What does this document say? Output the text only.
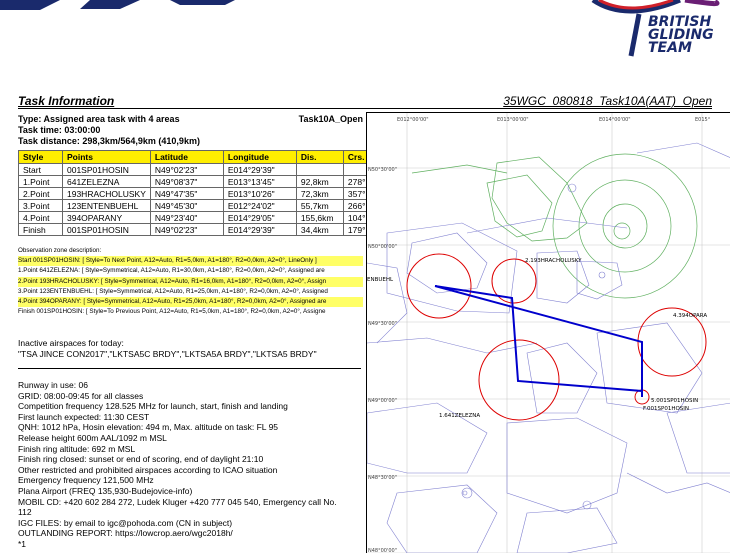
BRITISH
GLIDING
TEAM
Task Information	35WGC_080818_Task10A(AAT)_Open
Type: Assigned area task with 4 areas	Task10A_Open
Task time: 03:00:00
Task distance: 298,3km/564,9km (410,9km)
Style	Points	Latitude	Longitude	Dis.	Crs.
Start	001SP01HOSIN	N49°02'23"	E014°29'39"		
1.Point	641ZELEZNA	N49°08'37"	E013°13'45"	92,8km	278°
2.Point	193HRACHOLUSKY	N49°47'35"	E013°10'26"	72,3km	357°
3.Point	123ENTENBUEHL	N49°45'30"	E012°24'02"	55,7km	266°
4.Point	394OPARANY	N49°23'40"	E014°29'05"	155,6km	104°
Finish	001SP01HOSIN	N49°02'23"	E014°29'39"	34,4km	179°
Observation zone description:
Start 001SP01HOSIN: [ Style=To Next Point, A12=Auto, R1=5,0km, A1=180°, R2=0,0km, A2=0°, LineOnly ]
1.Point 641ZELEZNA: [ Style=Symmetrical, A12=Auto, R1=30,0km, A1=180°, R2=0,0km, A2=0°, Assigned are
2.Point 193HRACHOLUSKY: [ Style=Symmetrical, A12=Auto, R1=16,0km, A1=180°, R2=0,0km, A2=0°, Assign
3.Point 123ENTENBUEHL: [ Style=Symmetrical, A12=Auto, R1=25,0km, A1=180°, R2=0,0km, A2=0°, Assigned
4.Point 394OPARANY: [ Style=Symmetrical, A12=Auto, R1=25,0km, A1=180°, R2=0,0km, A2=0°, Assigned are
Finish 001SP01HOSIN: [ Style=To Previous Point, A12=Auto, R1=5,0km, A1=180°, R2=0,0km, A2=0°, Assigne
Inactive airspaces for today:
"TSA JINCE CON2017","LKTSA5C BRDY","LKTSA5A BRDY","LKTSA5 BRDY"
Runway in use: 06
GRID: 08:00-09:45 for all classes
Competition frequency 128.525 MHz for launch, start, finish and landing
First launch expected: 11:30 CEST
QNH: 1012 hPa, Hosin elevation: 494 m, Max. altitude on task: FL 95
Release height 600m AAL/1092 m MSL
Finish ring altitude: 692 m MSL
Finish ring closed: sunset or end of scoring, end of daylight 21:10
Other restricted and prohibited airspaces according to ICAO situation
Emergency frequency 121,500 MHz
Plana Airport (FREQ 135,930-Budejovice-info)
MOBIL CD: +420 602 284 272, Ludek Kluger +420 777 045 540, Emergency call No.
112
IGC FILES: by email to igc@pohoda.com (CN in subject)
OUTLANDING REPORT: https://lowcrop.aero/wgc2018h/
*1
E012°00'00"	E013°00'00"	E014°00'00"	E015°
N50°30'00"
N50°00'00"
N49°30'00"
N49°00'00"
N48°30'00"
N48°00'00"
2.193HRACHOLUSKY
ENBUEHL
4.394OPARA
5.001SP01HOSIN
F.001SP01HOSIN
1.641ZELEZNA
